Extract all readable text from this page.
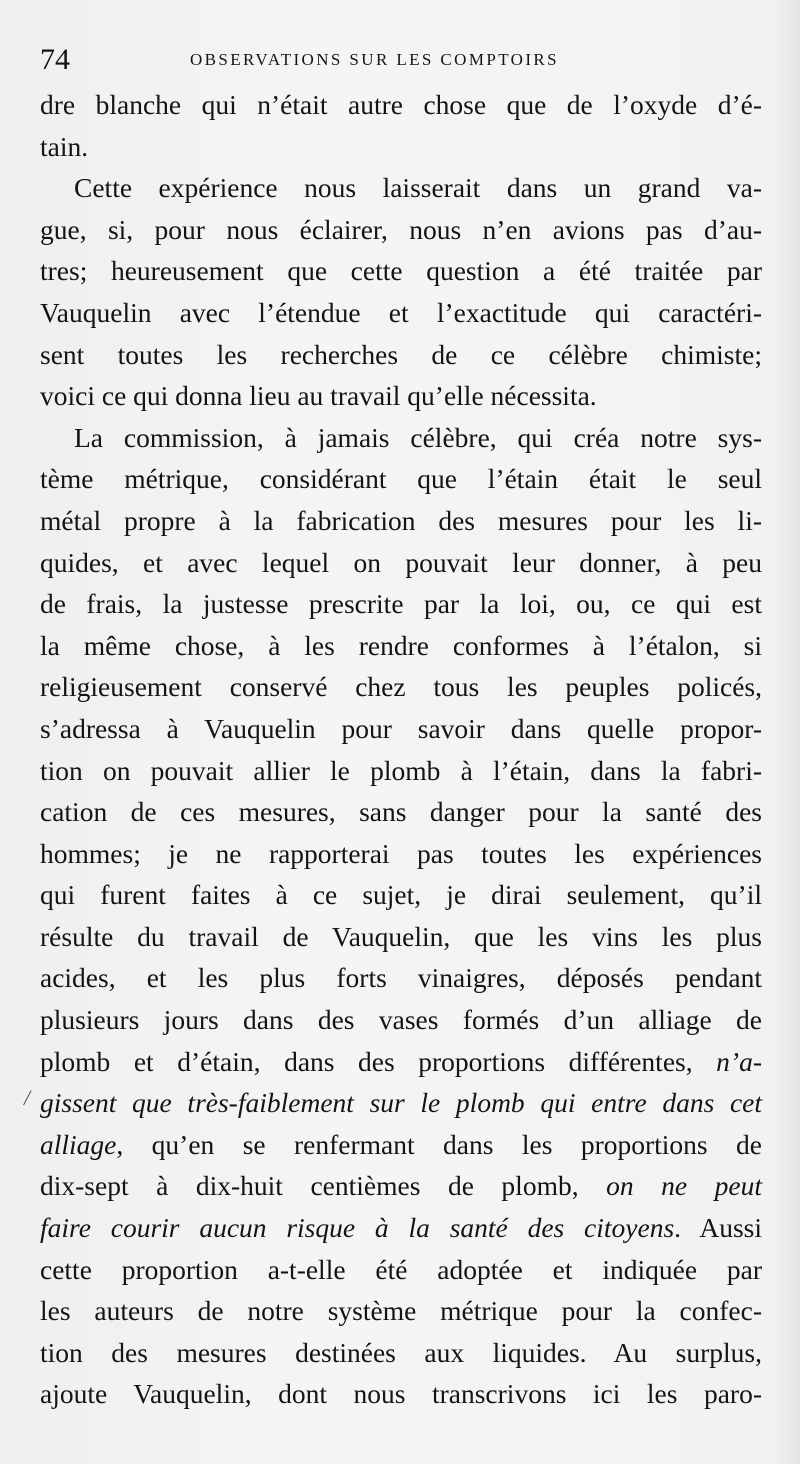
74	OBSERVATIONS SUR LES COMPTOIRS
dre blanche qui n’était autre chose que de l’oxyde d’é-
tain.
Cette expérience nous laisserait dans un grand va-
gue, si, pour nous éclairer, nous n’en avions pas d’au-
tres; heureusement que cette question a été traitée par
Vauquelin avec l’étendue et l’exactitude qui caractéri-
sent toutes les recherches de ce célèbre chimiste;
voici ce qui donna lieu au travail qu’elle nécessita.
La commission, à jamais célèbre, qui créa notre sys-
tème métrique, considérant que l’étain était le seul
métal propre à la fabrication des mesures pour les li-
quides, et avec lequel on pouvait leur donner, à peu
de frais, la justesse prescrite par la loi, ou, ce qui est
la même chose, à les rendre conformes à l’étalon, si
religieusement conservé chez tous les peuples policés,
s’adressa à Vauquelin pour savoir dans quelle propor-
tion on pouvait allier le plomb à l’étain, dans la fabri-
cation de ces mesures, sans danger pour la santé des
hommes; je ne rapporterai pas toutes les expériences
qui furent faites à ce sujet, je dirai seulement, qu’il
résulte du travail de Vauquelin, que les vins les plus
acides, et les plus forts vinaigres, déposés pendant
plusieurs jours dans des vases formés d’un alliage de
plomb et d’étain, dans des proportions différentes, n’a-
gissent que très-faiblement sur le plomb qui entre dans cet
alliage, qu’en se renfermant dans les proportions de
dix-sept à dix-huit centièmes de plomb, on ne peut
faire courir aucun risque à la santé des citoyens. Aussi
cette proportion a-t-elle été adoptée et indiquée par
les auteurs de notre système métrique pour la confec-
tion des mesures destinées aux liquides. Au surplus,
ajoute Vauquelin, dont nous transcrivons ici les paro-
/
